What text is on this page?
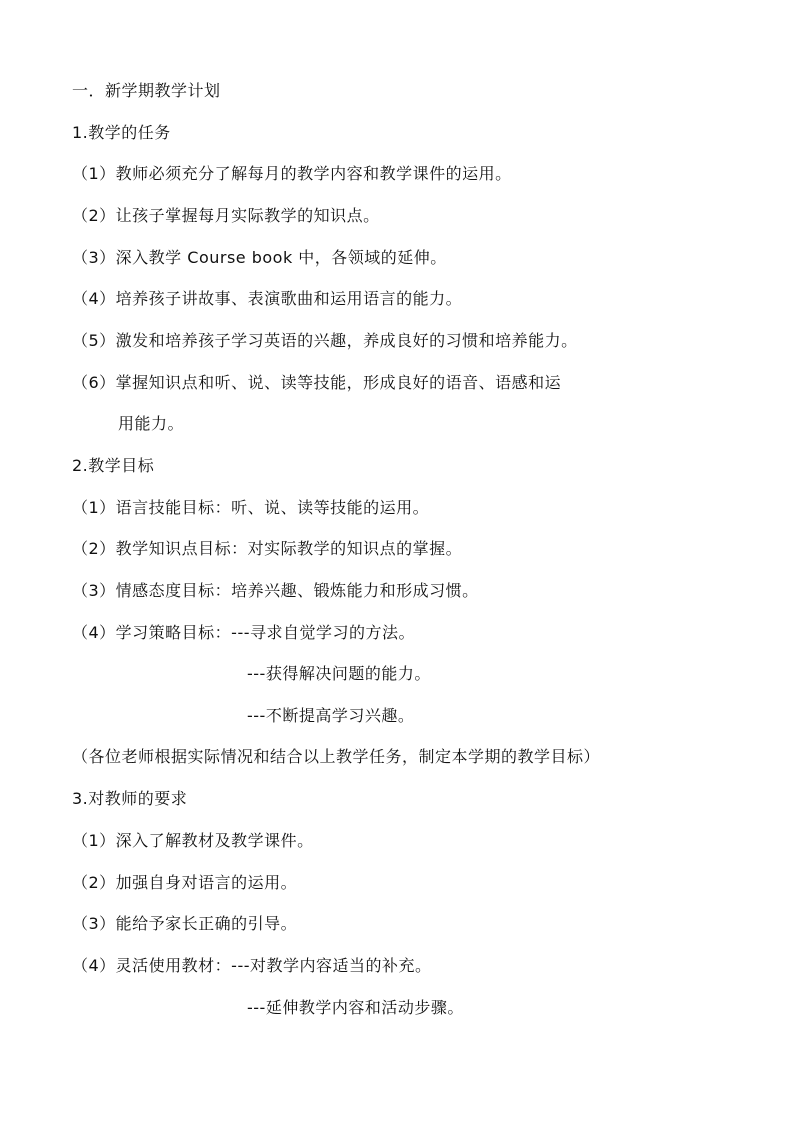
一．新学期教学计划
1.教学的任务
（1）教师必须充分了解每月的教学内容和教学课件的运用。
（2）让孩子掌握每月实际教学的知识点。
（3）深入教学 Course book 中，各领域的延伸。
（4）培养孩子讲故事、表演歌曲和运用语言的能力。
（5）激发和培养孩子学习英语的兴趣，养成良好的习惯和培养能力。
（6）掌握知识点和听、说、读等技能，形成良好的语音、语感和运
用能力。
2.教学目标
（1）语言技能目标：听、说、读等技能的运用。
（2）教学知识点目标：对实际教学的知识点的掌握。
（3）情感态度目标：培养兴趣、锻炼能力和形成习惯。
（4）学习策略目标：---寻求自觉学习的方法。
---获得解决问题的能力。
---不断提高学习兴趣。
（各位老师根据实际情况和结合以上教学任务，制定本学期的教学目标）
3.对教师的要求
（1）深入了解教材及教学课件。
（2）加强自身对语言的运用。
（3）能给予家长正确的引导。
（4）灵活使用教材：---对教学内容适当的补充。
---延伸教学内容和活动步骤。
